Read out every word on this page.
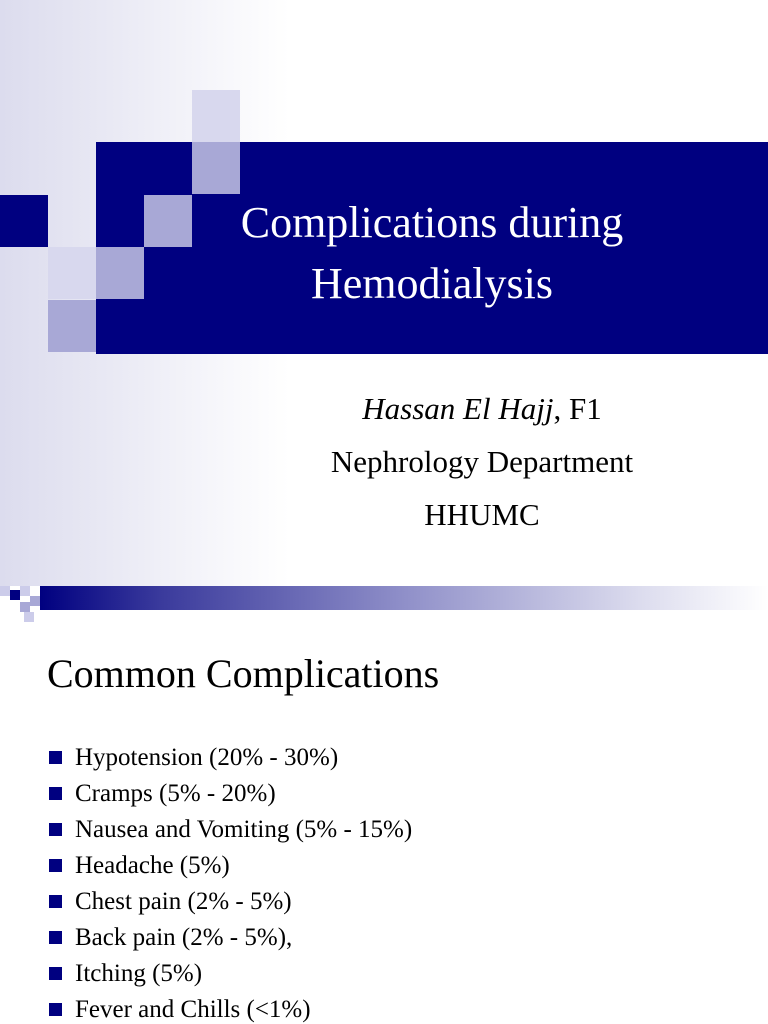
Complications during
Hemodialysis
Hassan El Hajj, F1
Nephrology Department
HHUMC
Common Complications
Hypotension (20% - 30%)
Cramps (5% - 20%)
Nausea and Vomiting (5% - 15%)
Headache (5%)
Chest pain (2% - 5%)
Back pain (2% - 5%),
Itching (5%)
Fever and Chills (<1%)
